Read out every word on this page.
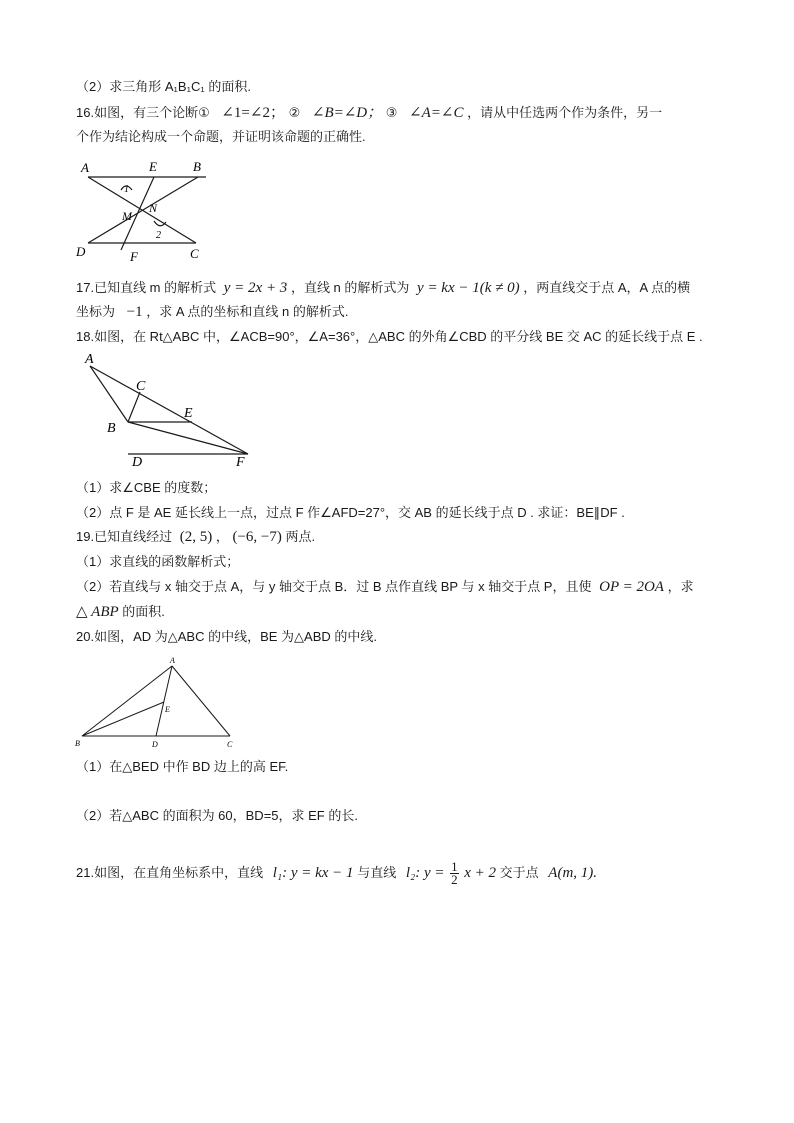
（2）求三角形 A₁B₁C₁ 的面积.
16.如图，有三个论断① ∠1=∠2； ② ∠B=∠D； ③ ∠A=∠C ，请从中任选两个作为条件，另一
个作为结论构成一个命题，并证明该命题的正确性.
A	E	B
1
M
N
2
D	F	C
17.已知直线 m 的解析式 y = 2x + 3 ，直线 n 的解析式为 y = kx − 1(k ≠ 0) ，两直线交于点 A，A 点的横
坐标为 −1 ，求 A 点的坐标和直线 n 的解析式.
18.如图，在 Rt△ABC 中，∠ACB=90°，∠A=36°，△ABC 的外角∠CBD 的平分线 BE 交 AC 的延长线于点 E .
A
C
E
B
D	F
（1）求∠CBE 的度数；
（2）点 F 是 AE 延长线上一点，过点 F 作∠AFD=27°，交 AB 的延长线于点 D . 求证：BE∥DF .
19.已知直线经过 (2, 5) ， (−6, −7) 两点.
（1）求直线的函数解析式；
（2）若直线与 x 轴交于点 A，与 y 轴交于点 B．过 B 点作直线 BP 与 x 轴交于点 P，且使 OP = 2OA ，求
△ ABP 的面积.
20.如图，AD 为△ABC 的中线，BE 为△ABD 的中线.
A
E
B	D	C
（1）在△BED 中作 BD 边上的高 EF.
（2）若△ABC 的面积为 60，BD=5，求 EF 的长.
21.如图，在直角坐标系中，直线 l₁: y = kx − 1 与直线 l₂: $y = \frac{1}{2}$ x + 2 交于点 A(m, 1).
